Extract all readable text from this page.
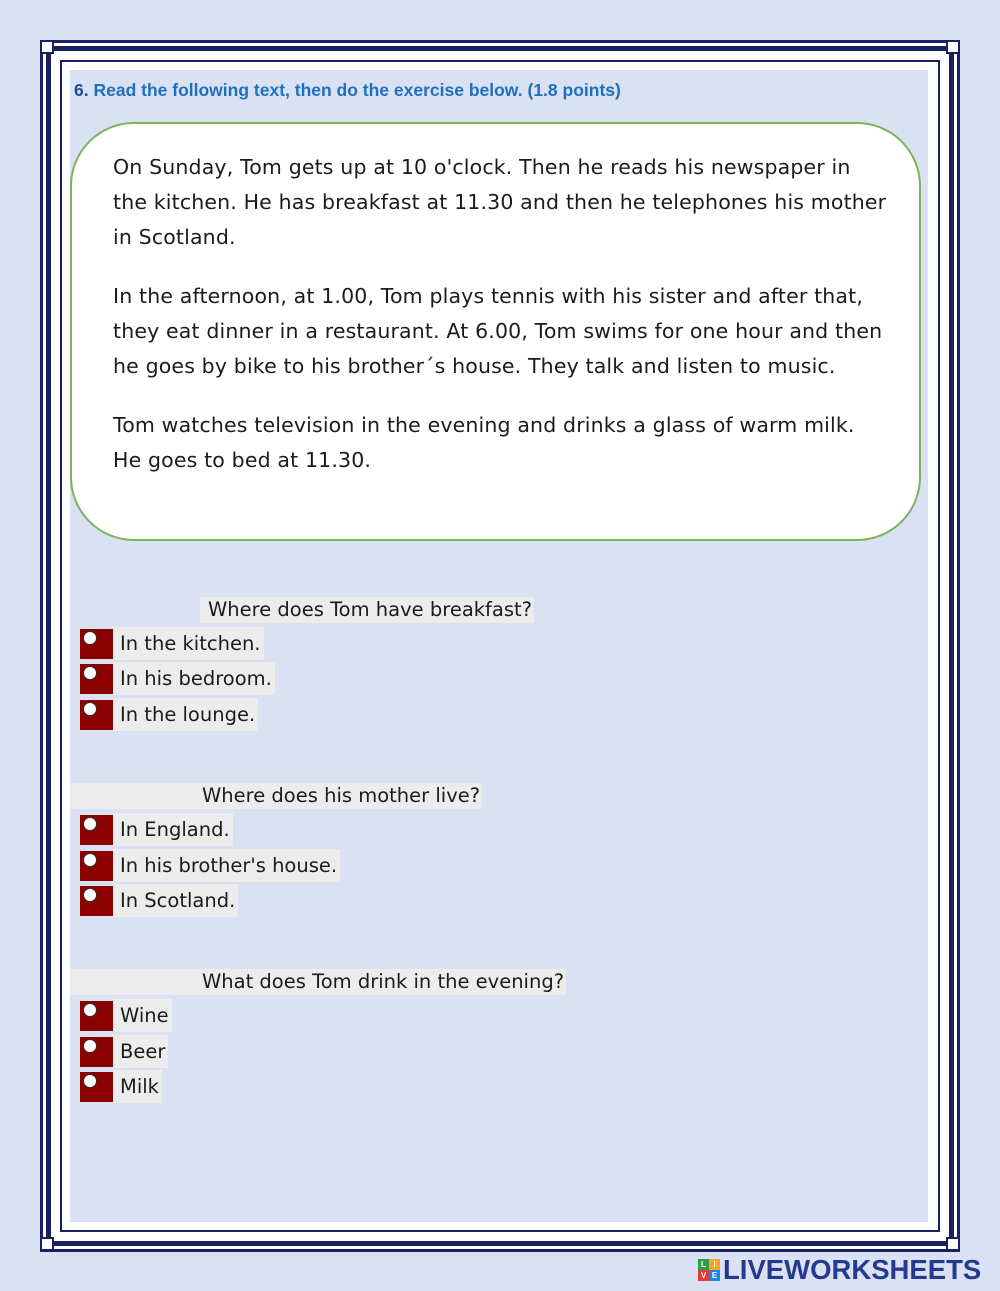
6. Read the following text, then do the exercise below. (1.8 points)

On Sunday, Tom gets up at 10 o'clock. Then he reads his newspaper in the kitchen. He has breakfast at 11.30 and then he telephones his mother in Scotland.

In the afternoon, at 1.00, Tom plays tennis with his sister and after that, they eat dinner in a restaurant. At 6.00, Tom swims for one hour and then he goes by bike to his brother´s house. They talk and listen to music.

Tom watches television in the evening and drinks a glass of warm milk. He goes to bed at 11.30.

Where does Tom have breakfast?
In the kitchen.
In his bedroom.
In the lounge.
Where does his mother live?
In England.
In his brother's house.
In Scotland.
What does Tom drink in the evening?
Wine
Beer
Milk
L I
V E LIVEWORKSHEETS
